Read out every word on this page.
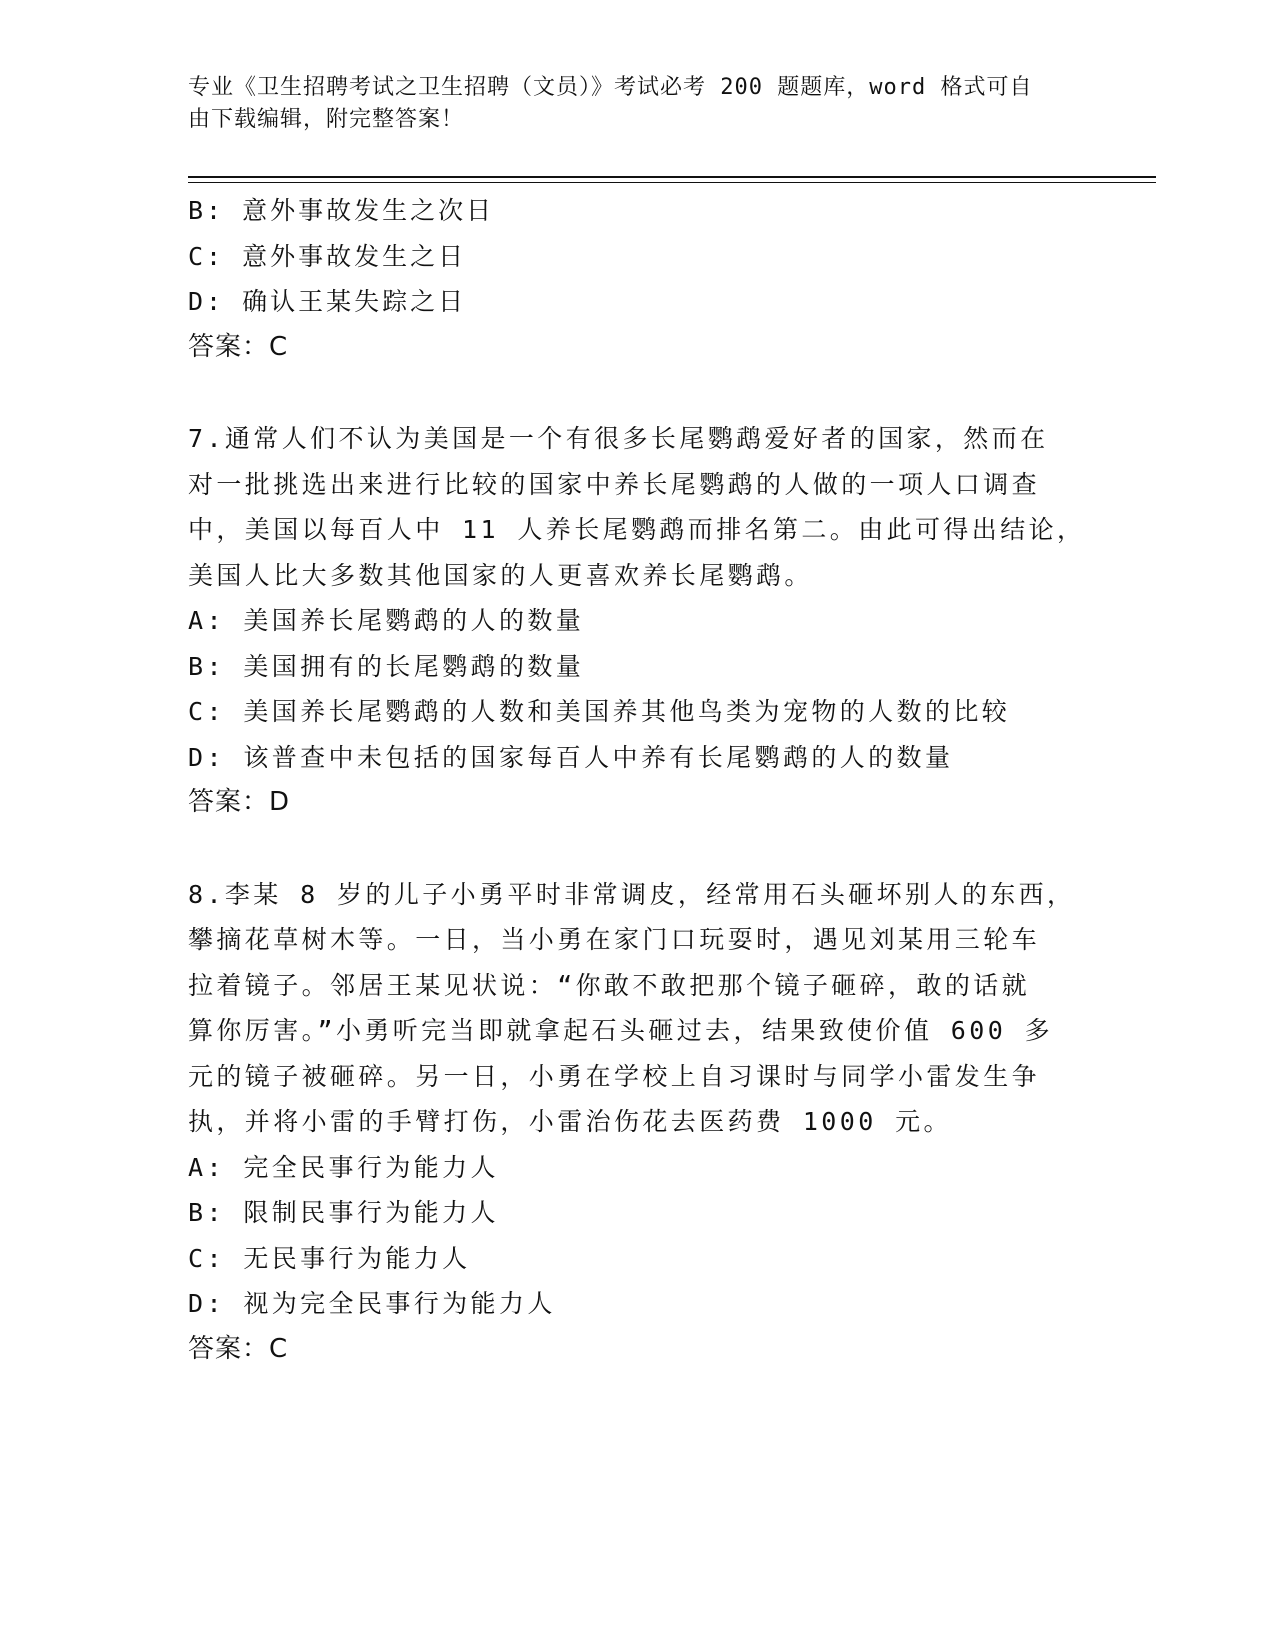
专业《卫生招聘考试之卫生招聘（文员）》考试必考 200 题题库，word 格式可自
由下载编辑，附完整答案！
B: 意外事故发生之次日
C: 意外事故发生之日
D: 确认王某失踪之日
答案：C
7.通常人们不认为美国是一个有很多长尾鹦鹉爱好者的国家，然而在
对一批挑选出来进行比较的国家中养长尾鹦鹉的人做的一项人口调查
中，美国以每百人中 11 人养长尾鹦鹉而排名第二。由此可得出结论，
美国人比大多数其他国家的人更喜欢养长尾鹦鹉。
A: 美国养长尾鹦鹉的人的数量
B: 美国拥有的长尾鹦鹉的数量
C: 美国养长尾鹦鹉的人数和美国养其他鸟类为宠物的人数的比较
D: 该普查中未包括的国家每百人中养有长尾鹦鹉的人的数量
答案：D
8.李某 8 岁的儿子小勇平时非常调皮，经常用石头砸坏别人的东西，
攀摘花草树木等。一日，当小勇在家门口玩耍时，遇见刘某用三轮车
拉着镜子。邻居王某见状说：“你敢不敢把那个镜子砸碎，敢的话就
算你厉害。”小勇听完当即就拿起石头砸过去，结果致使价值 600 多
元的镜子被砸碎。另一日，小勇在学校上自习课时与同学小雷发生争
执，并将小雷的手臂打伤，小雷治伤花去医药费 1000 元。
A: 完全民事行为能力人
B: 限制民事行为能力人
C: 无民事行为能力人
D: 视为完全民事行为能力人
答案：C
